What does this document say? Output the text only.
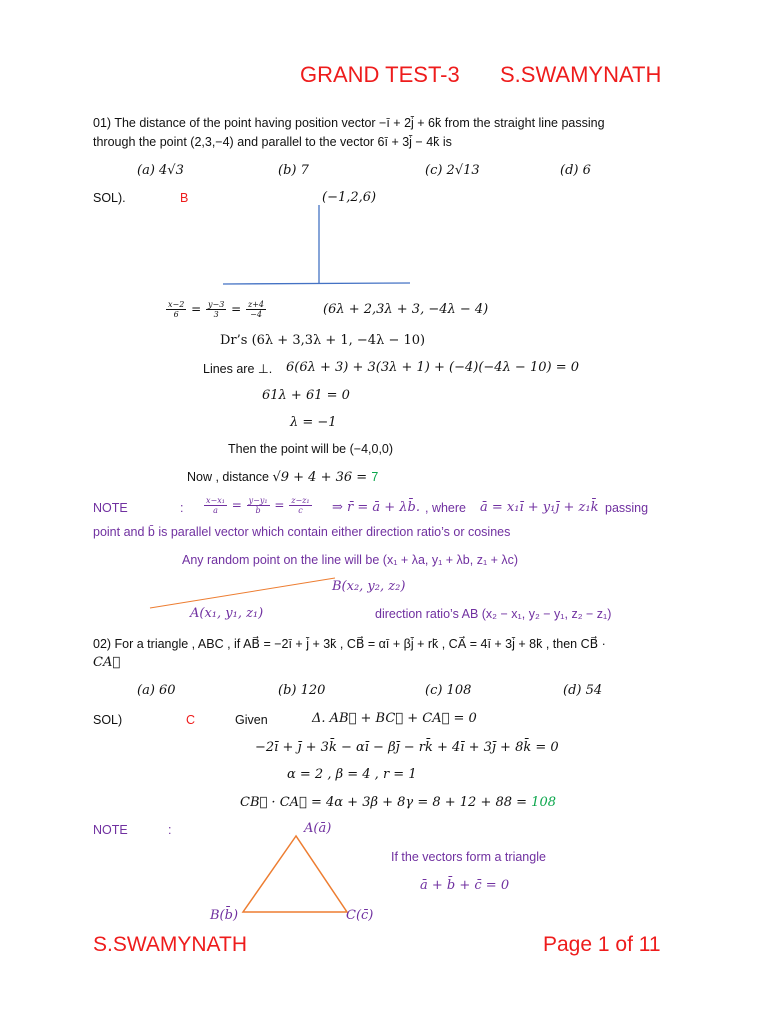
GRAND TEST-3 S.SWAMYNATH
01) The distance of the point having position vector −ī + 2j̄ + 6k̄ from the straight line passing
through the point (2,3,−4) and parallel to the vector 6ī + 3j̄ − 4k̄ is
(a) 4√3	(b) 7	(c) 2√13	(d) 6
SOL).	B	(−1,2,6)
$\frac{x-2}{6} = \frac{y-3}{3} = \frac{z+4}{-4}$	(6λ + 2,3λ + 3, −4λ − 4)
Dr’s (6λ + 3,3λ + 1, −4λ − 10)
Lines are ⊥. 6(6λ + 3) + 3(3λ + 1) + (−4)(−4λ − 10) = 0
61λ + 61 = 0
λ = −1
Then the point will be (−4,0,0)
Now , distance √9 + 4 + 36 = 7
NOTE	:	$\frac{\text{x−x₁}}{a} = \frac{\text{y−y₁}}{b} = \frac{\text{z−z₁}}{c}$ ⇒ r̄ = ā + λb̄. , where ā = x₁ī + y₁j̄ + z₁k̄ passing
point and b̄ is parallel vector which contain either direction ratio’s or cosines
Any random point on the line will be (x₁ + λa, y₁ + λb, z₁ + λc)
B(x₂, y₂, z₂)
A(x₁, y₁, z₁)	direction ratio’s AB (x₂ − x₁, y₂ − y₁, z₂ − z₁)
02) For a triangle , ABC , if AB⃗ = −2ī + j̄ + 3k̄ , CB⃗ = αī + βj̄ + rk̄ , CA⃗ = 4ī + 3j̄ + 8k̄ , then CB⃗ ·
CA⃗
(a) 60	(b) 120	(c) 108	(d) 54
SOL)	C	Given	Δ. AB⃗ + BC⃗ + CA⃗ = 0
−2ī + j̄ + 3k̄ − αī − βj̄ − rk̄ + 4ī + 3j̄ + 8k̄ = 0
α = 2 , β = 4 , r = 1
CB⃗ · CA⃗ = 4α + 3β + 8γ = 8 + 12 + 88 = 108
NOTE	:	A(ā)
B(b̄)	C(c̄)
If the vectors form a triangle
ā + b̄ + c̄ = 0
S.SWAMYNATH	Page 1 of 11
